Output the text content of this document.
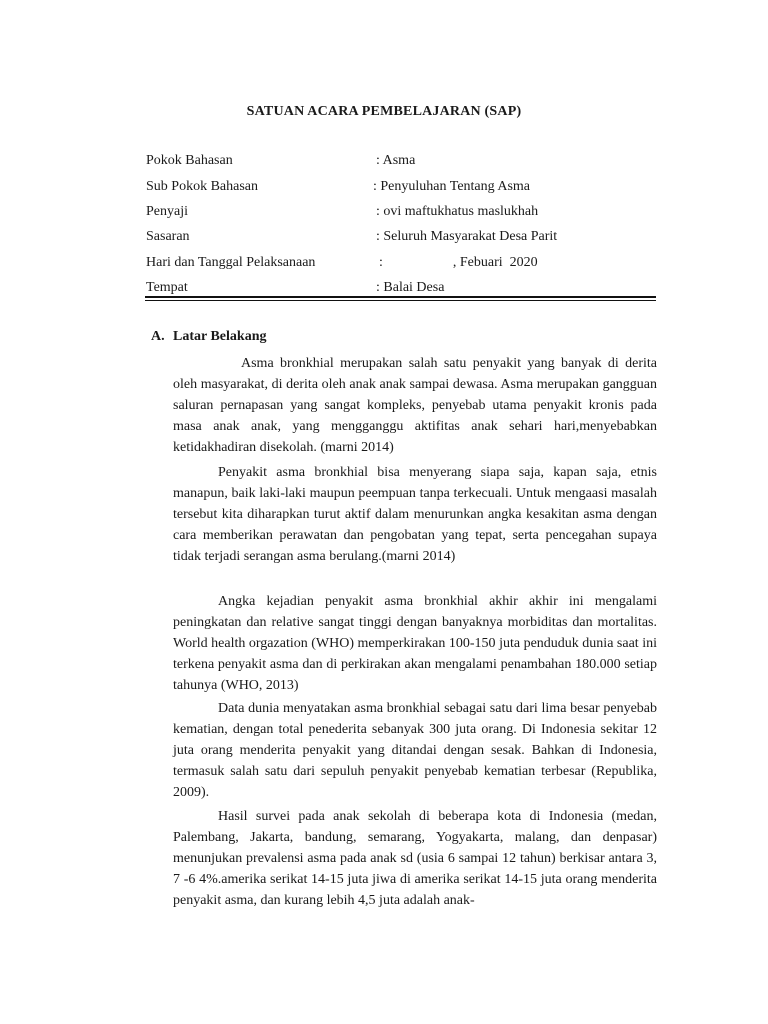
SATUAN ACARA PEMBELAJARAN (SAP)
Pokok Bahasan	: Asma
Sub Pokok Bahasan	: Penyuluhan Tentang Asma
Penyaji	: ovi maftukhatus maslukhah
Sasaran	: Seluruh Masyarakat Desa Parit
Hari dan Tanggal Pelaksanaan	:                    , Febuari  2020
Tempat	: Balai Desa
A. Latar Belakang
Asma bronkhial merupakan salah satu penyakit yang banyak di derita oleh masyarakat, di derita oleh anak anak sampai dewasa. Asma merupakan gangguan saluran pernapasan yang sangat kompleks, penyebab utama penyakit kronis pada masa anak anak, yang mengganggu aktifitas anak sehari hari,menyebabkan ketidakhadiran disekolah. (marni 2014)
Penyakit asma bronkhial bisa menyerang siapa saja, kapan saja, etnis manapun, baik laki-laki maupun peempuan tanpa terkecuali. Untuk mengaasi masalah tersebut kita diharapkan turut aktif dalam menurunkan angka kesakitan asma dengan cara memberikan perawatan dan pengobatan yang tepat, serta pencegahan supaya tidak terjadi serangan asma berulang.(marni 2014)
Angka kejadian penyakit asma bronkhial akhir akhir ini mengalami peningkatan dan relative sangat tinggi dengan banyaknya morbiditas dan mortalitas. World health orgazation (WHO) memperkirakan 100-150 juta penduduk dunia saat ini terkena penyakit asma dan di perkirakan akan mengalami penambahan 180.000 setiap tahunya (WHO, 2013)
Data dunia menyatakan asma bronkhial sebagai satu dari lima besar penyebab kematian, dengan total penederita sebanyak 300 juta orang. Di Indonesia sekitar 12 juta orang menderita penyakit yang ditandai dengan sesak. Bahkan di Indonesia, termasuk salah satu dari sepuluh penyakit penyebab kematian terbesar (Republika, 2009).
Hasil survei pada anak sekolah di beberapa kota di Indonesia (medan, Palembang, Jakarta, bandung, semarang, Yogyakarta, malang, dan denpasar) menunjukan prevalensi asma pada anak sd (usia 6 sampai 12 tahun) berkisar antara 3, 7 -6 4%.amerika serikat 14-15 juta jiwa di amerika serikat 14-15 juta orang menderita penyakit asma, dan kurang lebih 4,5 juta adalah anak-
